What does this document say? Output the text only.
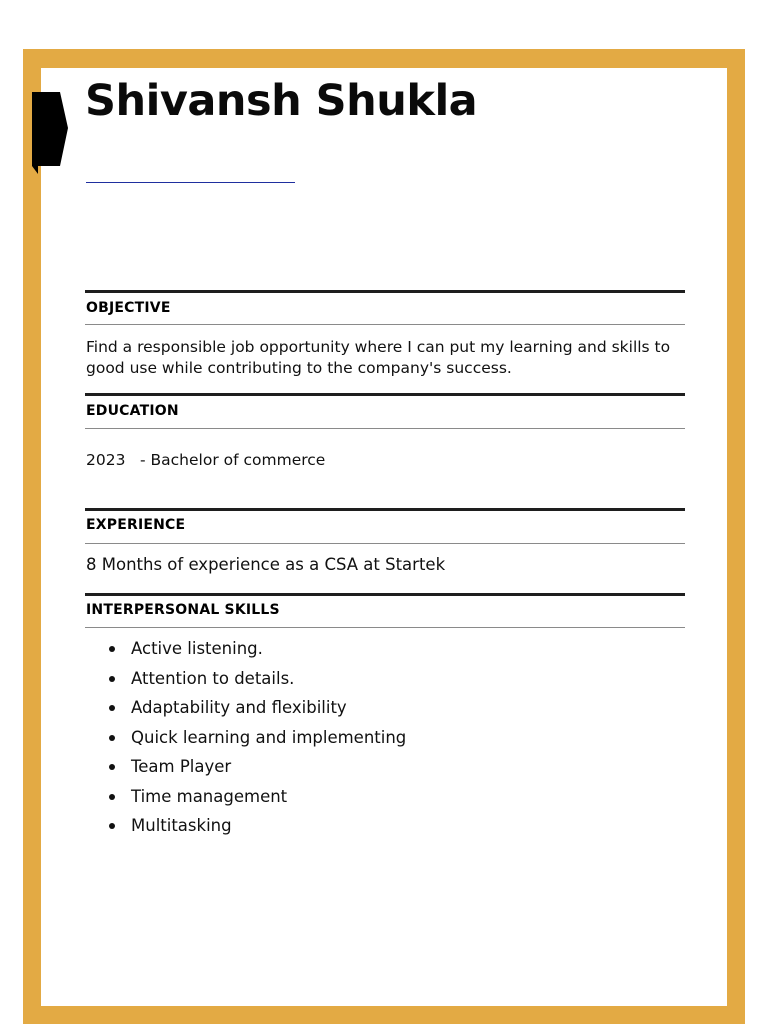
Shivansh Shukla
OBJECTIVE
Find a responsible job opportunity where I can put my learning and skills to good use while contributing to the company's success.
EDUCATION
2023 - Bachelor of commerce
EXPERIENCE
8 Months of experience as a CSA at Startek
INTERPERSONAL SKILLS
Active listening.
Attention to details.
Adaptability and flexibility
Quick learning and implementing
Team Player
Time management
Multitasking
